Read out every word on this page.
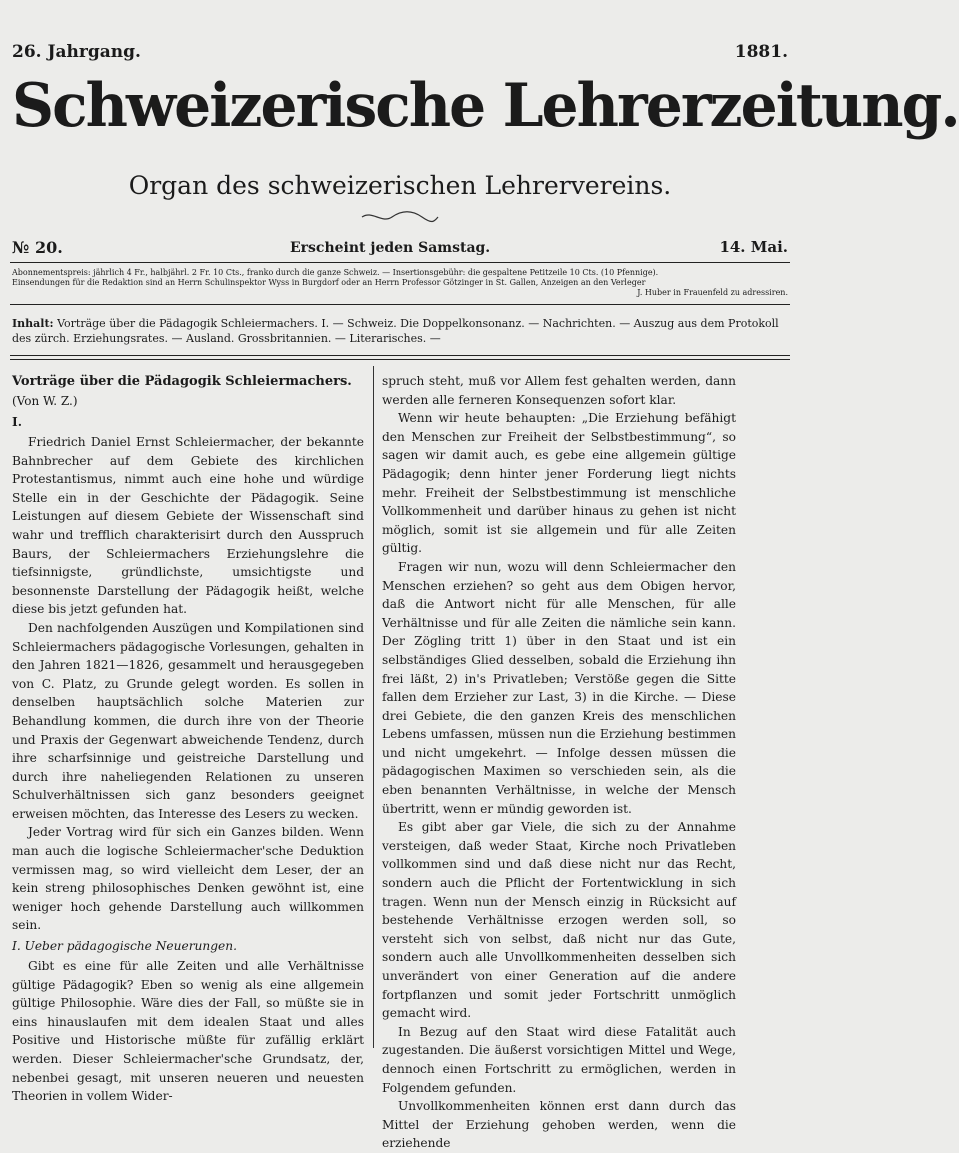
26. Jahrgang.	1881.
Schweizerische Lehrerzeitung.
Organ des schweizerischen Lehrervereins.
№ 20.	Erscheint jeden Samstag.	14. Mai.
Abonnementspreis: jährlich 4 Fr., halbjährl. 2 Fr. 10 Cts., franko durch die ganze Schweiz. — Insertionsgebühr: die gespaltene Petitzeile 10 Cts. (10 Pfennige).
Einsendungen für die Redaktion sind an Herrn Schulinspektor Wyss in Burgdorf oder an Herrn Professor Götzinger in St. Gallen, Anzeigen an den Verleger
J. Huber in Frauenfeld zu adressiren.
Inhalt: Vorträge über die Pädagogik Schleiermachers. I. — Schweiz. Die Doppelkonsonanz. — Nachrichten. — Auszug aus dem Protokoll des zürch. Erziehungsrates. — Ausland. Grossbritannien. — Literarisches. —

Vorträge über die Pädagogik Schleiermachers.

(Von W. Z.)

I.

Friedrich Daniel Ernst Schleiermacher, der bekannte Bahnbrecher auf dem Gebiete des kirchlichen Protestantismus, nimmt auch eine hohe und würdige Stelle ein in der Geschichte der Pädagogik. Seine Leistungen auf diesem Gebiete der Wissenschaft sind wahr und trefflich charakterisirt durch den Ausspruch Baurs, der Schleiermachers Erziehungslehre die tiefsinnigste, gründlichste, umsichtigste und besonnenste Darstellung der Pädagogik heißt, welche diese bis jetzt gefunden hat.

Den nachfolgenden Auszügen und Kompilationen sind Schleiermachers pädagogische Vorlesungen, gehalten in den Jahren 1821—1826, gesammelt und herausgegeben von C. Platz, zu Grunde gelegt worden. Es sollen in denselben hauptsächlich solche Materien zur Behandlung kommen, die durch ihre von der Theorie und Praxis der Gegenwart abweichende Tendenz, durch ihre scharfsinnige und geistreiche Darstellung und durch ihre naheliegenden Relationen zu unseren Schulverhältnissen sich ganz besonders geeignet erweisen möchten, das Interesse des Lesers zu wecken.

Jeder Vortrag wird für sich ein Ganzes bilden. Wenn man auch die logische Schleiermacher'sche Deduktion vermissen mag, so wird vielleicht dem Leser, der an kein streng philosophisches Denken gewöhnt ist, eine weniger hoch gehende Darstellung auch willkommen sein.

I. Ueber pädagogische Neuerungen.

Gibt es eine für alle Zeiten und alle Verhältnisse gültige Pädagogik? Eben so wenig als eine allgemein gültige Philosophie. Wäre dies der Fall, so müßte sie in eins hinauslaufen mit dem idealen Staat und alles Positive und Historische müßte für zufällig erklärt werden. Dieser Schleiermacher'sche Grundsatz, der, nebenbei gesagt, mit unseren neueren und neuesten Theorien in vollem Wider-

spruch steht, muß vor Allem fest gehalten werden, dann werden alle ferneren Konsequenzen sofort klar.

Wenn wir heute behaupten: „Die Erziehung befähigt den Menschen zur Freiheit der Selbstbestimmung“, so sagen wir damit auch, es gebe eine allgemein gültige Pädagogik; denn hinter jener Forderung liegt nichts mehr. Freiheit der Selbstbestimmung ist menschliche Vollkommenheit und darüber hinaus zu gehen ist nicht möglich, somit ist sie allgemein und für alle Zeiten gültig.

Fragen wir nun, wozu will denn Schleiermacher den Menschen erziehen? so geht aus dem Obigen hervor, daß die Antwort nicht für alle Menschen, für alle Verhältnisse und für alle Zeiten die nämliche sein kann. Der Zögling tritt 1) über in den Staat und ist ein selbständiges Glied desselben, sobald die Erziehung ihn frei läßt, 2) in's Privatleben; Verstöße gegen die Sitte fallen dem Erzieher zur Last, 3) in die Kirche. — Diese drei Gebiete, die den ganzen Kreis des menschlichen Lebens umfassen, müssen nun die Erziehung bestimmen und nicht umgekehrt. — Infolge dessen müssen die pädagogischen Maximen so verschieden sein, als die eben benannten Verhältnisse, in welche der Mensch übertritt, wenn er mündig geworden ist.

Es gibt aber gar Viele, die sich zu der Annahme versteigen, daß weder Staat, Kirche noch Privatleben vollkommen sind und daß diese nicht nur das Recht, sondern auch die Pflicht der Fortentwicklung in sich tragen. Wenn nun der Mensch einzig in Rücksicht auf bestehende Verhältnisse erzogen werden soll, so versteht sich von selbst, daß nicht nur das Gute, sondern auch alle Unvollkommenheiten desselben sich unverändert von einer Generation auf die andere fortpflanzen und somit jeder Fortschritt unmöglich gemacht wird.

In Bezug auf den Staat wird diese Fatalität auch zugestanden. Die äußerst vorsichtigen Mittel und Wege, dennoch einen Fortschritt zu ermöglichen, werden in Folgendem gefunden.

Unvollkommenheiten können erst dann durch das Mittel der Erziehung gehoben werden, wenn die erziehende
